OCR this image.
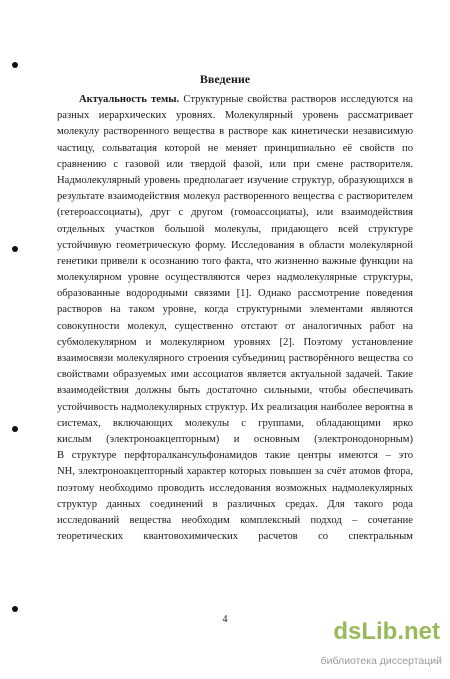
Введение
Актуальность темы. Структурные свойства растворов исследуются на
разных иерархических уровнях. Молекулярный уровень рассматривает
молекулу растворенного вещества в растворе как кинетически независимую
частицу, сольватация которой не меняет принципиально её свойств по
сравнению с газовой или твердой фазой, или при смене растворителя.
Надмолекулярный уровень предполагает изучение структур, образующихся в
результате взаимодействия молекул растворенного вещества с растворителем
(гетероассоциаты), друг с другом (гомоассоциаты), или взаимодействия
отдельных участков большой молекулы, придающего всей структуре
устойчивую геометрическую форму. Исследования в области молекулярной
генетики привели к осознанию того факта, что жизненно важные функции на
молекулярном уровне осуществляются через надмолекулярные структуры,
образованные водородными связями [1]. Однако рассмотрение поведения
растворов на таком уровне, когда структурными элементами являются
совокупности молекул, существенно отстают от аналогичных работ на
субмолекулярном и молекулярном уровнях [2]. Поэтому установление
взаимосвязи молекулярного строения субъединиц растворённого вещества со
свойствами образуемых ими ассоциатов является актуальной задачей. Такие
взаимодействия должны быть достаточно сильными, чтобы обеспечивать
устойчивость надмолекулярных структур. Их реализация наиболее вероятна в
системах, включающих молекулы с группами, обладающими ярко
кислым (электроноакцепторным) и основным (электронодонорным)
В структуре перфторалкансульфонамидов такие центры имеются – это
NH, электроноакцепторный характер которых повышен за счёт атомов фтора,
поэтому необходимо проводить исследования возможных надмолекулярных
структур данных соединений в различных средах. Для такого рода
исследований вещества необходим комплексный подход – сочетание
теоретических квантовохимических расчетов со спектральным
4	dsLib.net
библиотека диссертаций
